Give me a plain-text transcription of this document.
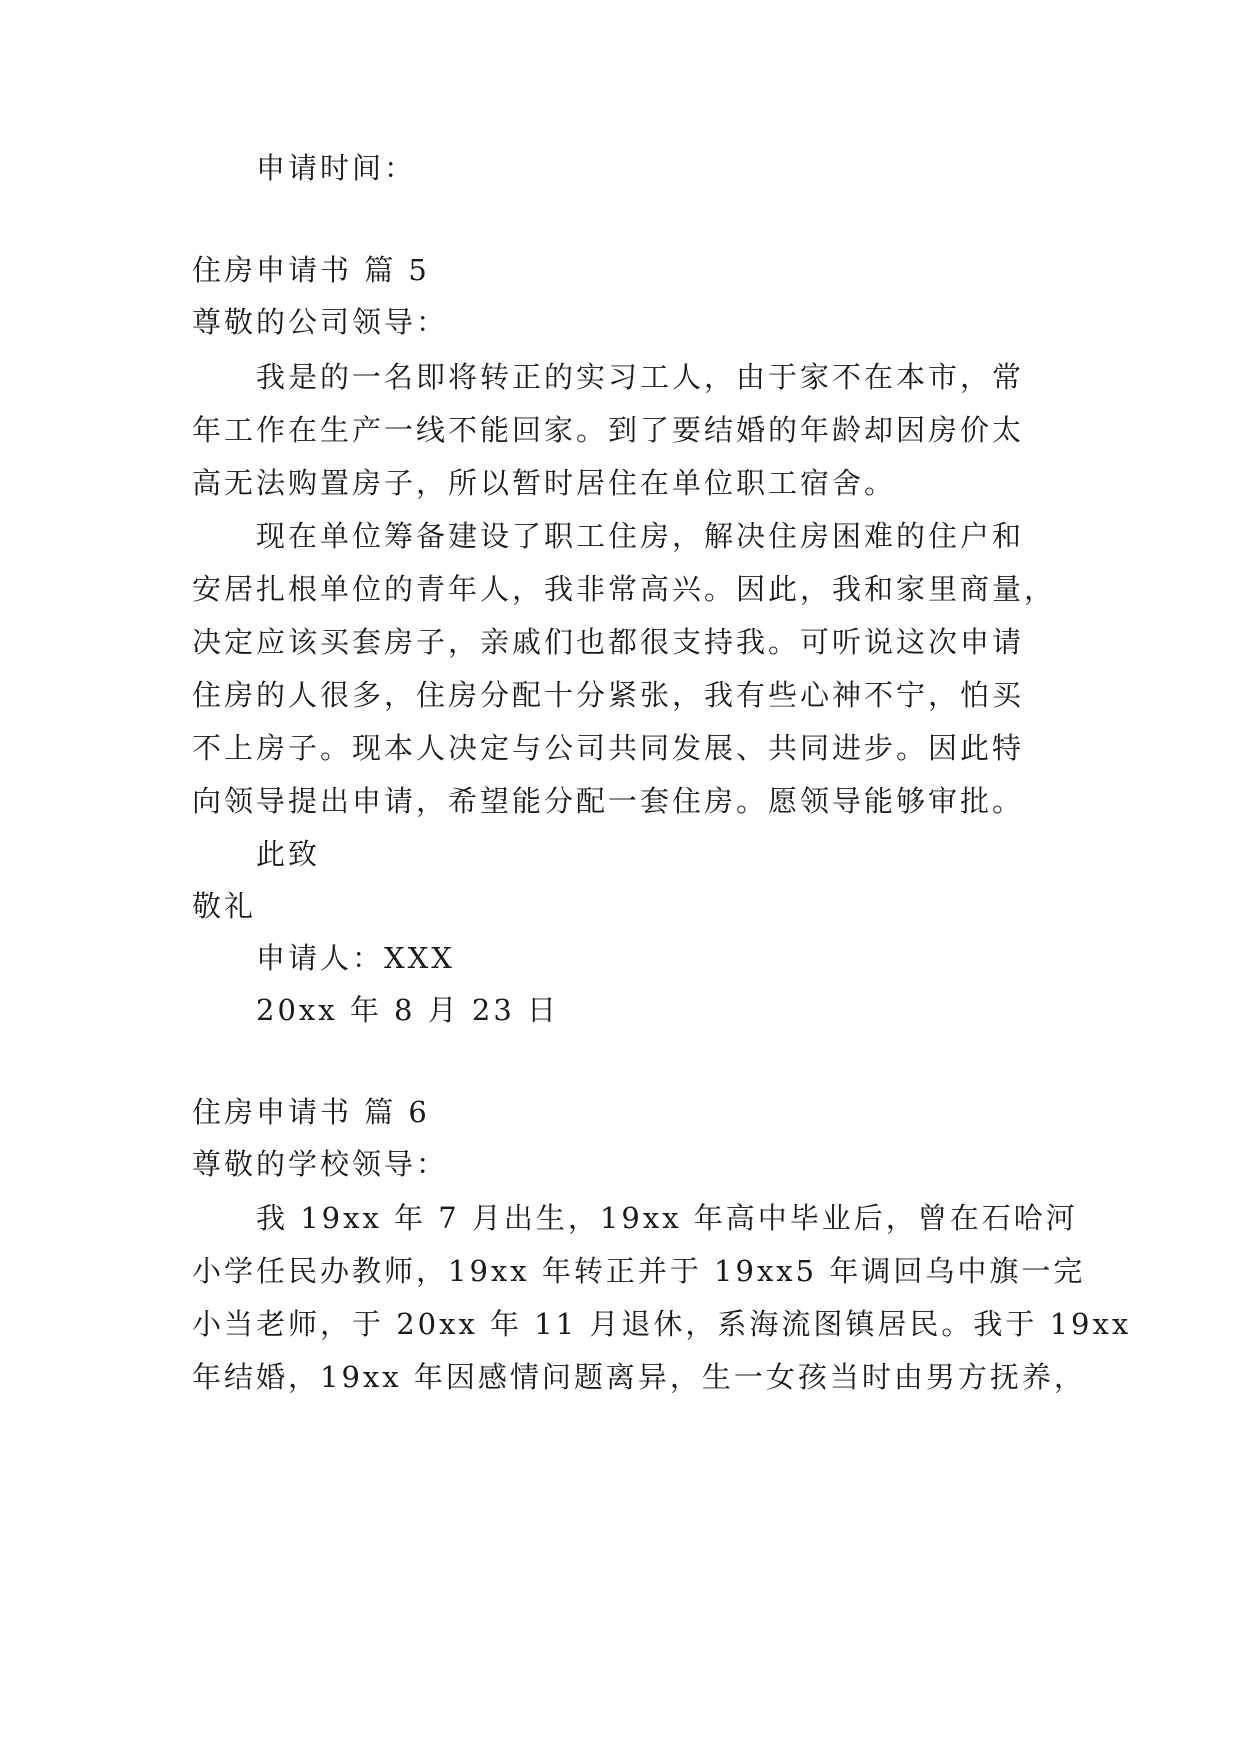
申请时间：
住房申请书 篇 5
尊敬的公司领导：
我是的一名即将转正的实习工人，由于家不在本市，常
年工作在生产一线不能回家。到了要结婚的年龄却因房价太
高无法购置房子，所以暂时居住在单位职工宿舍。
现在单位筹备建设了职工住房，解决住房困难的住户和
安居扎根单位的青年人，我非常高兴。因此，我和家里商量，
决定应该买套房子，亲戚们也都很支持我。可听说这次申请
住房的人很多，住房分配十分紧张，我有些心神不宁，怕买
不上房子。现本人决定与公司共同发展、共同进步。因此特
向领导提出申请，希望能分配一套住房。愿领导能够审批。
此致
敬礼
申请人：XXX
20xx 年 8 月 23 日
住房申请书 篇 6
尊敬的学校领导：
我 19xx 年 7 月出生，19xx 年高中毕业后，曾在石哈河
小学任民办教师，19xx 年转正并于 19xx5 年调回乌中旗一完
小当老师，于 20xx 年 11 月退休，系海流图镇居民。我于 19xx
年结婚，19xx 年因感情问题离异，生一女孩当时由男方抚养，
